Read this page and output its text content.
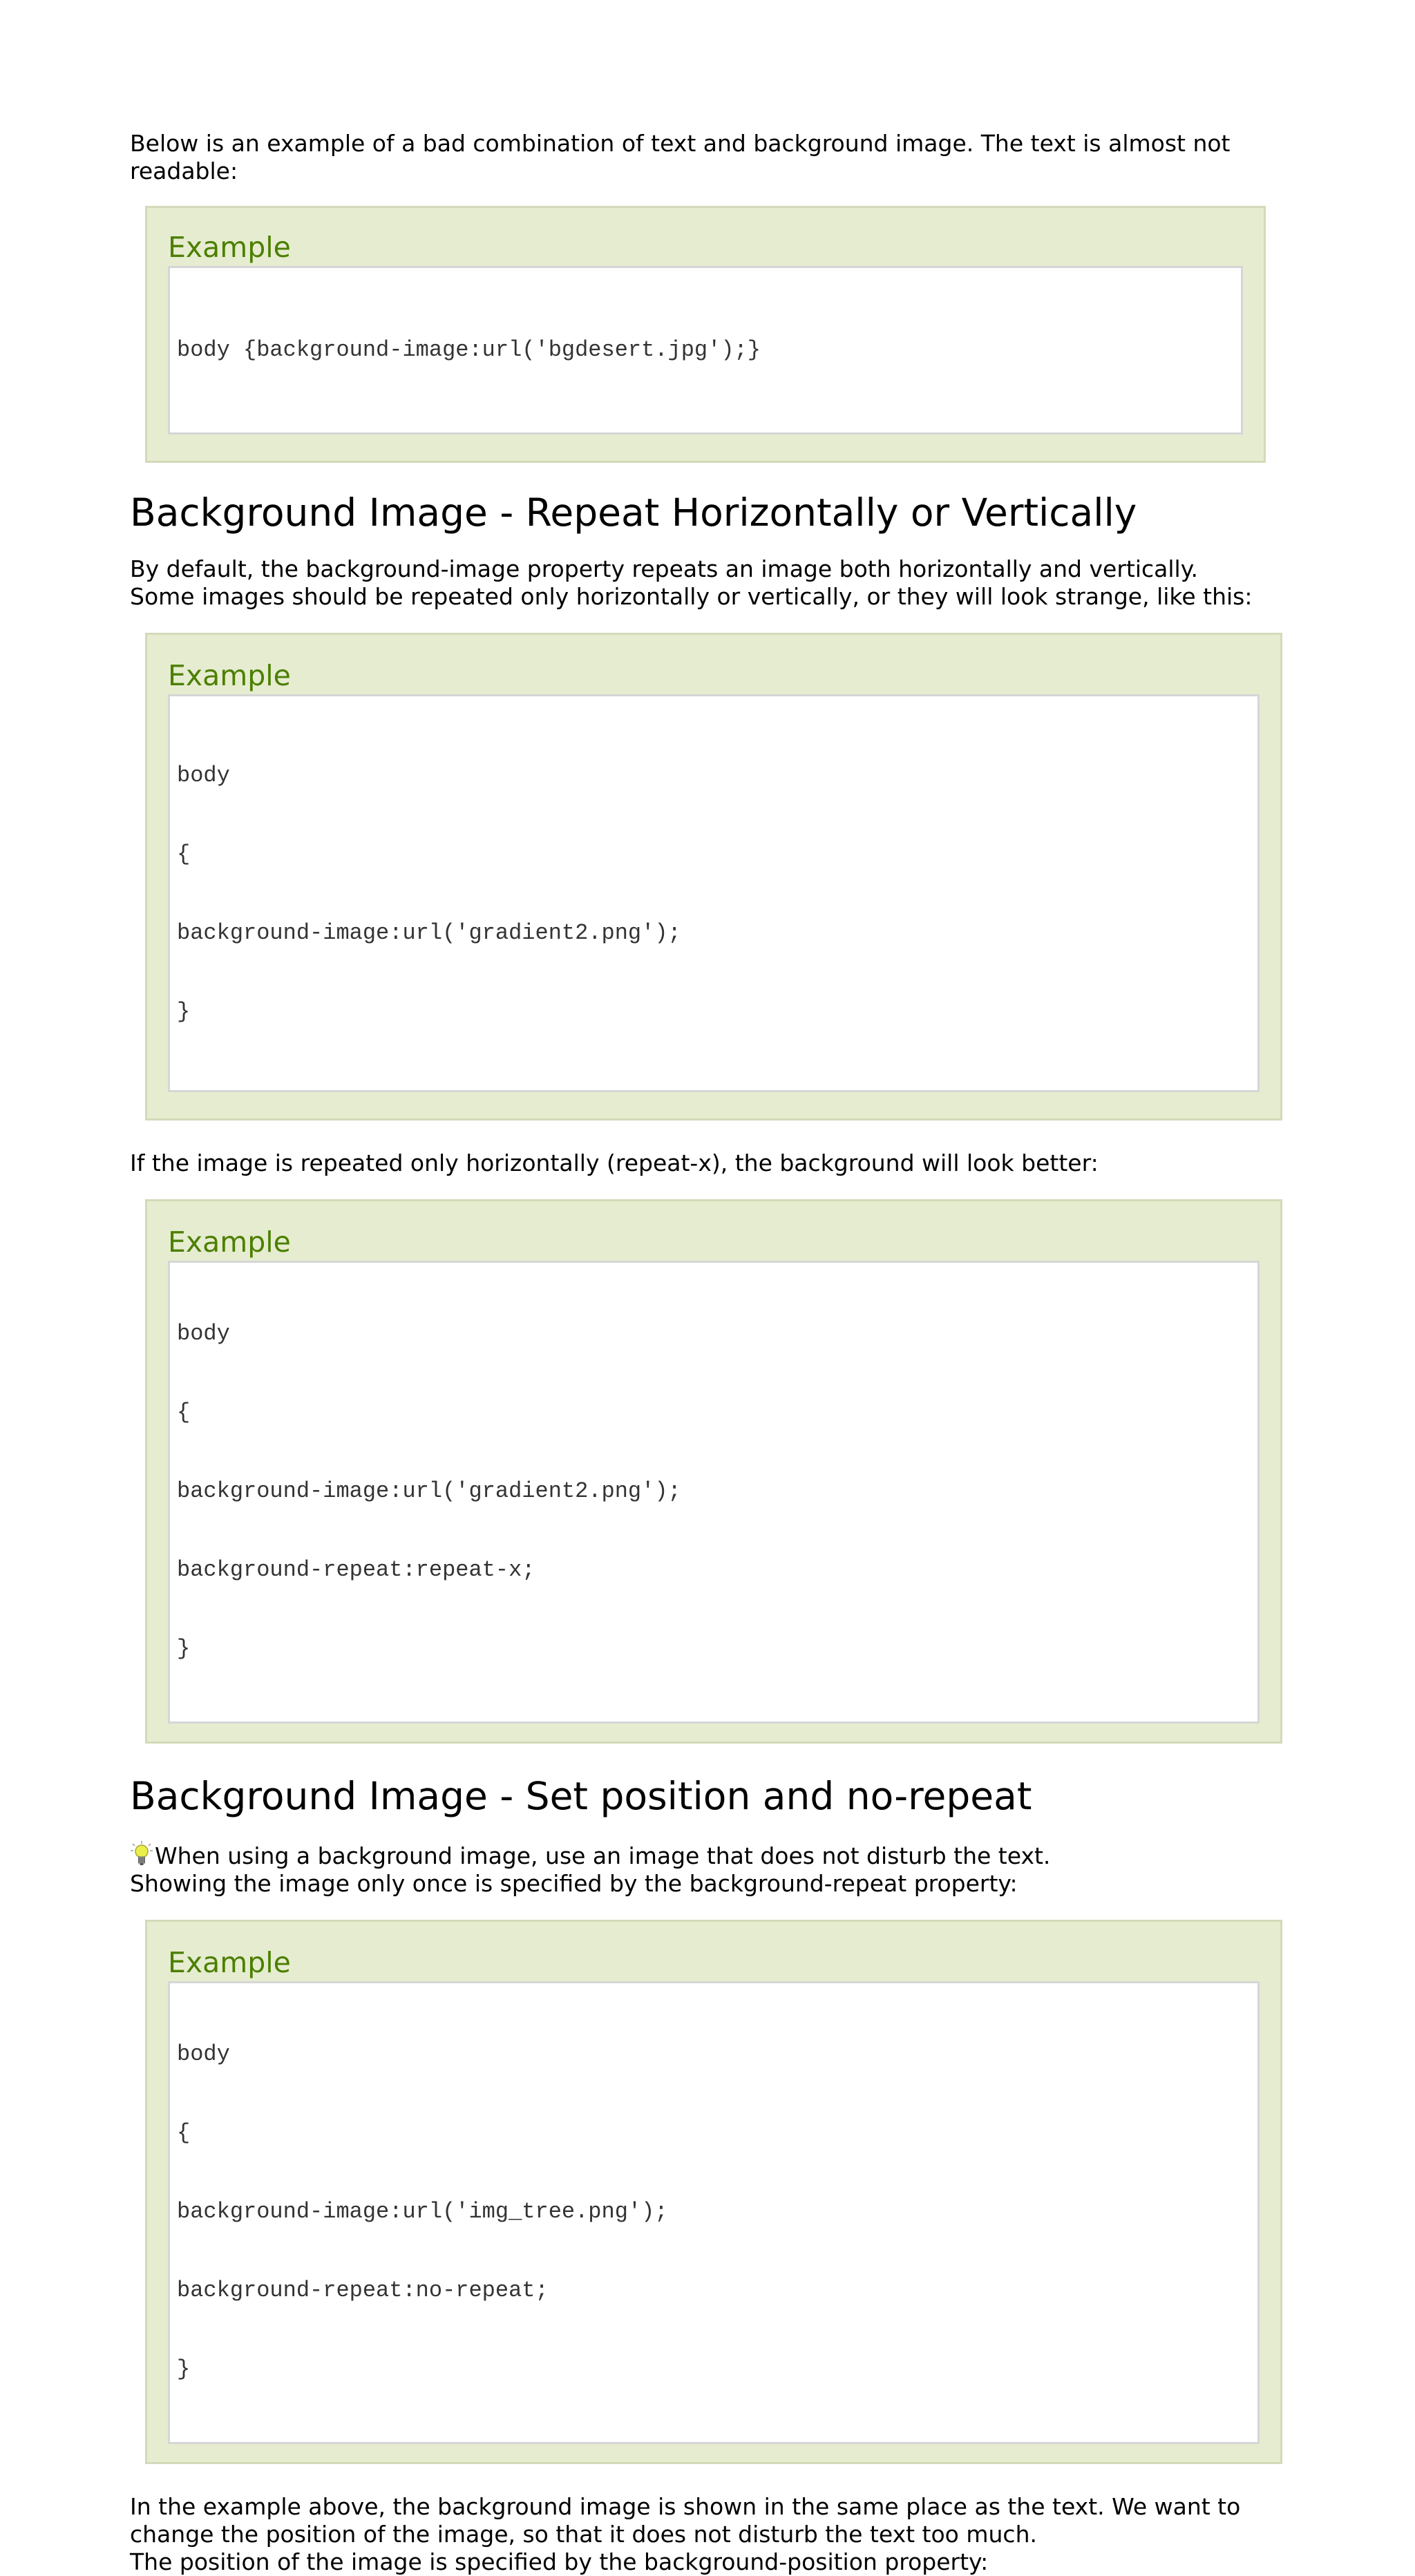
Below is an example of a bad combination of text and background image. The text is almost not
readable:

Example

body {background-image:url('bgdesert.jpg');}

Background Image - Repeat Horizontally or Vertically

By default, the background-image property repeats an image both horizontally and vertically.
Some images should be repeated only horizontally or vertically, or they will look strange, like this:

Example

body

{

background-image:url('gradient2.png');

}

If the image is repeated only horizontally (repeat-x), the background will look better:

Example

body

{

background-image:url('gradient2.png');

background-repeat:repeat-x;

}

Background Image - Set position and no-repeat

When using a background image, use an image that does not disturb the text.
Showing the image only once is specified by the background-repeat property:

Example

body

{

background-image:url('img_tree.png');

background-repeat:no-repeat;

}

In the example above, the background image is shown in the same place as the text. We want to
change the position of the image, so that it does not disturb the text too much.
The position of the image is specified by the background-position property:
